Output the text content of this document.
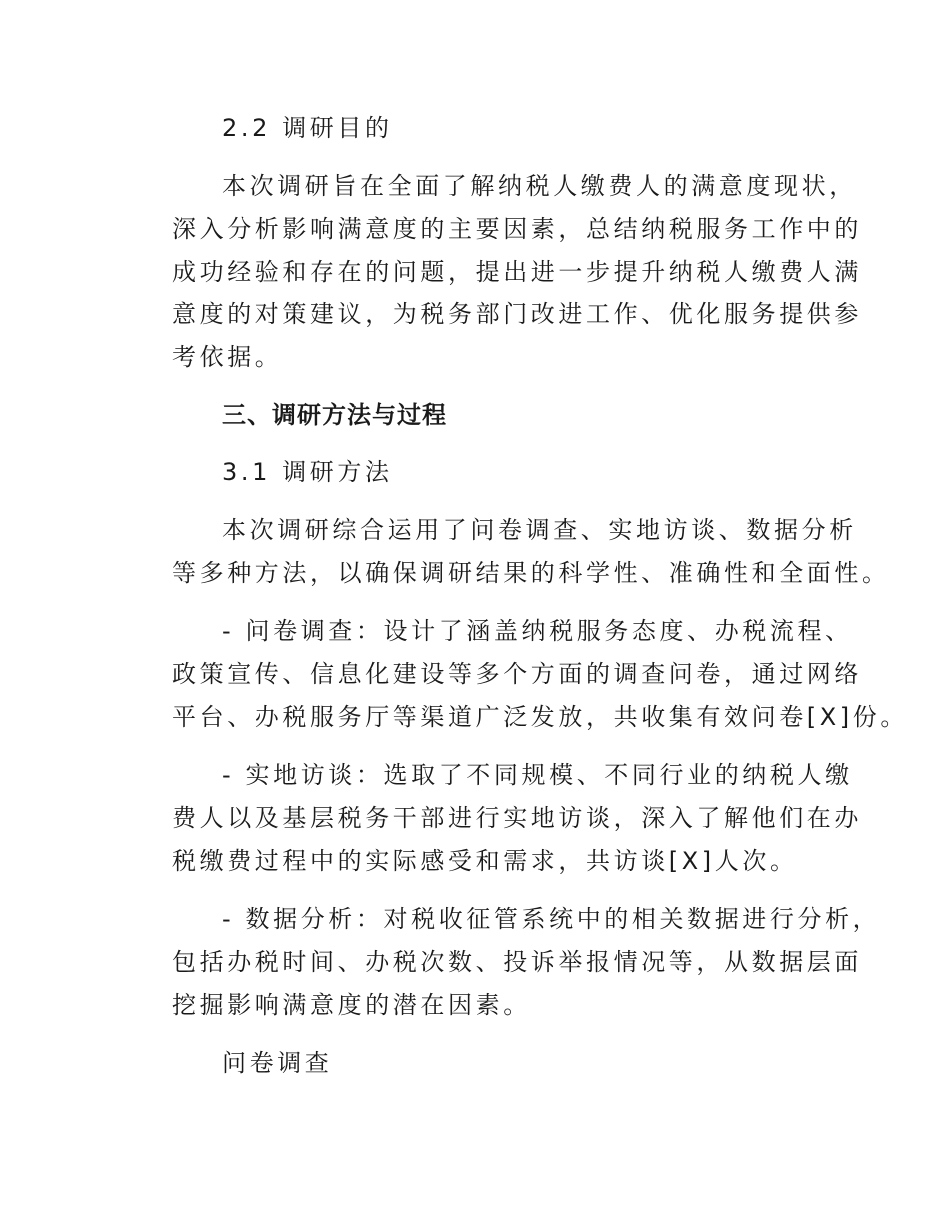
2.2 调研目的
本次调研旨在全面了解纳税人缴费人的满意度现状，
深入分析影响满意度的主要因素，总结纳税服务工作中的
成功经验和存在的问题，提出进一步提升纳税人缴费人满
意度的对策建议，为税务部门改进工作、优化服务提供参
考依据。
三、调研方法与过程
3.1 调研方法
本次调研综合运用了问卷调查、实地访谈、数据分析
等多种方法，以确保调研结果的科学性、准确性和全面性。
- 问卷调查：设计了涵盖纳税服务态度、办税流程、
政策宣传、信息化建设等多个方面的调查问卷，通过网络
平台、办税服务厅等渠道广泛发放，共收集有效问卷[X]份。
- 实地访谈：选取了不同规模、不同行业的纳税人缴
费人以及基层税务干部进行实地访谈，深入了解他们在办
税缴费过程中的实际感受和需求，共访谈[X]人次。
- 数据分析：对税收征管系统中的相关数据进行分析，
包括办税时间、办税次数、投诉举报情况等，从数据层面
挖掘影响满意度的潜在因素。
问卷调查
